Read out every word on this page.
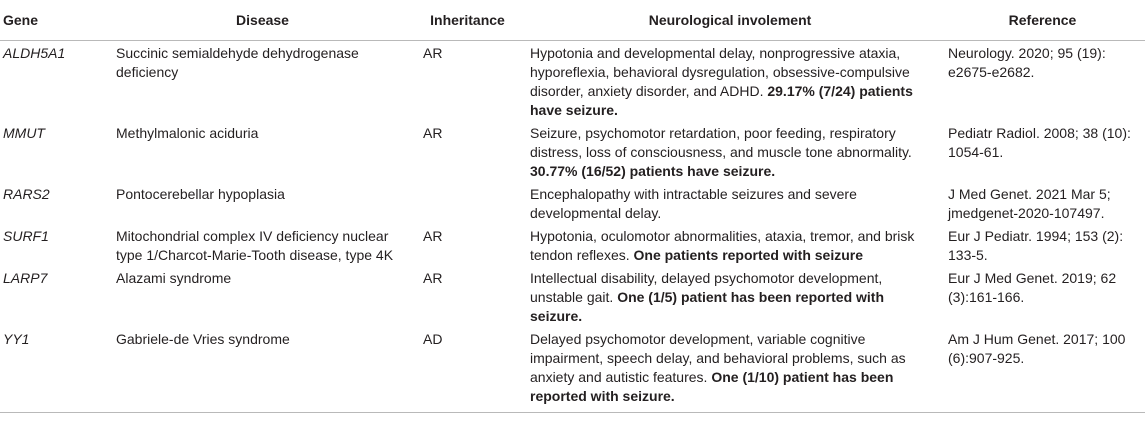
Gene	Disease	Inheritance	Neurological involement	Reference
ALDH5A1	Succinic semialdehyde dehydrogenase deficiency	AR	Hypotonia and developmental delay, nonprogressive ataxia, hyporeflexia, behavioral dysregulation, obsessive-compulsive disorder, anxiety disorder, and ADHD. 29.17% (7/24) patients have seizure.	Neurology. 2020; 95 (19): e2675-e2682.
MMUT	Methylmalonic aciduria	AR	Seizure, psychomotor retardation, poor feeding, respiratory distress, loss of consciousness, and muscle tone abnormality. 30.77% (16/52) patients have seizure.	Pediatr Radiol. 2008; 38 (10): 1054-61.
RARS2	Pontocerebellar hypoplasia		Encephalopathy with intractable seizures and severe developmental delay.	J Med Genet. 2021 Mar 5; jmedgenet-2020-107497.
SURF1	Mitochondrial complex IV deficiency nuclear type 1/Charcot-Marie-Tooth disease, type 4K	AR	Hypotonia, oculomotor abnormalities, ataxia, tremor, and brisk tendon reflexes. One patients reported with seizure	Eur J Pediatr. 1994; 153 (2): 133-5.
LARP7	Alazami syndrome	AR	Intellectual disability, delayed psychomotor development, unstable gait. One (1/5) patient has been reported with seizure.	Eur J Med Genet. 2019; 62 (3):161-166.
YY1	Gabriele-de Vries syndrome	AD	Delayed psychomotor development, variable cognitive impairment, speech delay, and behavioral problems, such as anxiety and autistic features. One (1/10) patient has been reported with seizure.	Am J Hum Genet. 2017; 100 (6):907-925.
